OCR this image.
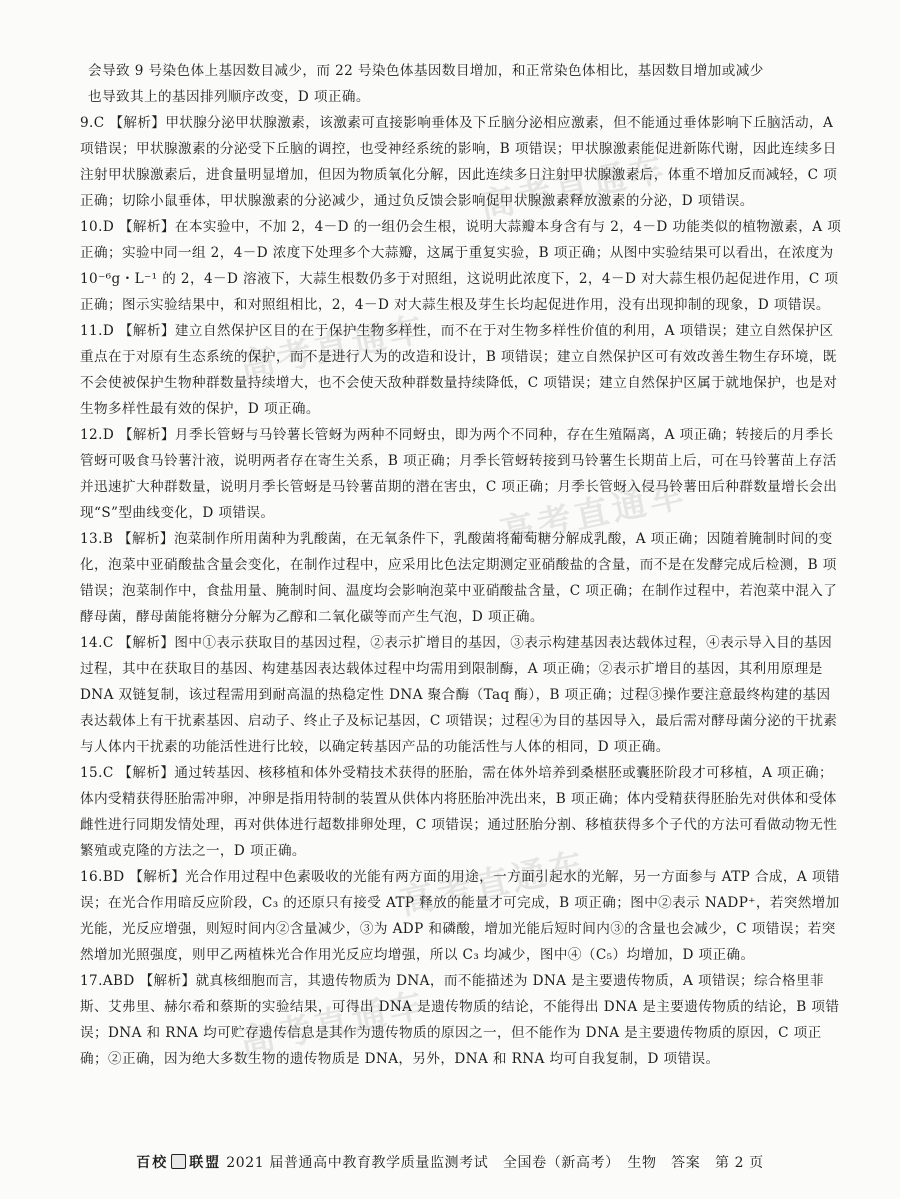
高考直通车
高考直通车
高考直通车
高考直通车
高考直通车

会导致 9 号染色体上基因数目减少，而 22 号染色体基因数目增加，和正常染色体相比，基因数目增加或减少

也导致其上的基因排列顺序改变，D 项正确。

9.C 【解析】甲状腺分泌甲状腺激素，该激素可直接影响垂体及下丘脑分泌相应激素，但不能通过垂体影响下丘脑活动，A 项错误；甲状腺激素的分泌受下丘脑的调控，也受神经系统的影响，B 项错误；甲状腺激素能促进新陈代谢，因此连续多日注射甲状腺激素后，进食量明显增加，但因为物质氧化分解，因此连续多日注射甲状腺激素后，体重不增加反而减轻，C 项正确；切除小鼠垂体，甲状腺激素的分泌减少，通过负反馈会影响促甲状腺激素释放激素的分泌，D 项错误。
10.D 【解析】在本实验中，不加 2，4－D 的一组仍会生根，说明大蒜瓣本身含有与 2，4－D 功能类似的植物激素，A 项正确；实验中同一组 2，4－D 浓度下处理多个大蒜瓣，这属于重复实验，B 项正确；从图中实验结果可以看出，在浓度为 10⁻⁶g・L⁻¹ 的 2，4－D 溶液下，大蒜生根数仍多于对照组，这说明此浓度下，2，4－D 对大蒜生根仍起促进作用，C 项正确；图示实验结果中，和对照组相比，2，4－D 对大蒜生根及芽生长均起促进作用，没有出现抑制的现象，D 项错误。
11.D 【解析】建立自然保护区目的在于保护生物多样性，而不在于对生物多样性价值的利用，A 项错误；建立自然保护区重点在于对原有生态系统的保护，而不是进行人为的改造和设计，B 项错误；建立自然保护区可有效改善生物生存环境，既不会使被保护生物种群数量持续增大，也不会使天敌种群数量持续降低，C 项错误；建立自然保护区属于就地保护，也是对生物多样性最有效的保护，D 项正确。
12.D 【解析】月季长管蚜与马铃薯长管蚜为两种不同蚜虫，即为两个不同种，存在生殖隔离，A 项正确；转接后的月季长管蚜可吸食马铃薯汁液，说明两者存在寄生关系，B 项正确；月季长管蚜转接到马铃薯生长期苗上后，可在马铃薯苗上存活并迅速扩大种群数量，说明月季长管蚜是马铃薯苗期的潜在害虫，C 项正确；月季长管蚜入侵马铃薯田后种群数量增长会出现“S”型曲线变化，D 项错误。
13.B 【解析】泡菜制作所用菌种为乳酸菌，在无氧条件下，乳酸菌将葡萄糖分解成乳酸，A 项正确；因随着腌制时间的变化，泡菜中亚硝酸盐含量会变化，在制作过程中，应采用比色法定期测定亚硝酸盐的含量，而不是在发酵完成后检测，B 项错误；泡菜制作中，食盐用量、腌制时间、温度均会影响泡菜中亚硝酸盐含量，C 项正确；在制作过程中，若泡菜中混入了酵母菌，酵母菌能将糖分分解为乙醇和二氧化碳等而产生气泡，D 项正确。
14.C 【解析】图中①表示获取目的基因过程，②表示扩增目的基因，③表示构建基因表达载体过程，④表示导入目的基因过程，其中在获取目的基因、构建基因表达载体过程中均需用到限制酶，A 项正确；②表示扩增目的基因，其利用原理是 DNA 双链复制，该过程需用到耐高温的热稳定性 DNA 聚合酶（Taq 酶），B 项正确；过程③操作要注意最终构建的基因表达载体上有干扰素基因、启动子、终止子及标记基因，C 项错误；过程④为目的基因导入，最后需对酵母菌分泌的干扰素与人体内干扰素的功能活性进行比较，以确定转基因产品的功能活性与人体的相同，D 项正确。
15.C 【解析】通过转基因、核移植和体外受精技术获得的胚胎，需在体外培养到桑椹胚或囊胚阶段才可移植，A 项正确；体内受精获得胚胎需冲卵，冲卵是指用特制的装置从供体内将胚胎冲洗出来，B 项正确；体内受精获得胚胎先对供体和受体雌性进行同期发情处理，再对供体进行超数排卵处理，C 项错误；通过胚胎分割、移植获得多个子代的方法可看做动物无性繁殖或克隆的方法之一，D 项正确。
16.BD 【解析】光合作用过程中色素吸收的光能有两方面的用途，一方面引起水的光解，另一方面参与 ATP 合成，A 项错误；在光合作用暗反应阶段，C₃ 的还原只有接受 ATP 释放的能量才可完成，B 项正确；图中②表示 NADP⁺，若突然增加光能，光反应增强，则短时间内②含量减少，③为 ADP 和磷酸，增加光能后短时间内③的含量也会减少，C 项错误；若突然增加光照强度，则甲乙两植株光合作用光反应均增强，所以 C₃ 均减少，图中④（C₅）均增加，D 项正确。
17.ABD 【解析】就真核细胞而言，其遗传物质为 DNA，而不能描述为 DNA 是主要遗传物质，A 项错误；综合格里菲斯、艾弗里、赫尔希和蔡斯的实验结果，可得出 DNA 是遗传物质的结论，不能得出 DNA 是主要遗传物质的结论，B 项错误；DNA 和 RNA 均可贮存遗传信息是其作为遗传物质的原因之一，但不能作为 DNA 是主要遗传物质的原因，C 项正确；②正确，因为绝大多数生物的遗传物质是 DNA，另外，DNA 和 RNA 均可自我复制，D 项错误。
百校 联盟 2021 届普通高中教育教学质量监测考试　全国卷（新高考）　生物　答案　第 2 页
